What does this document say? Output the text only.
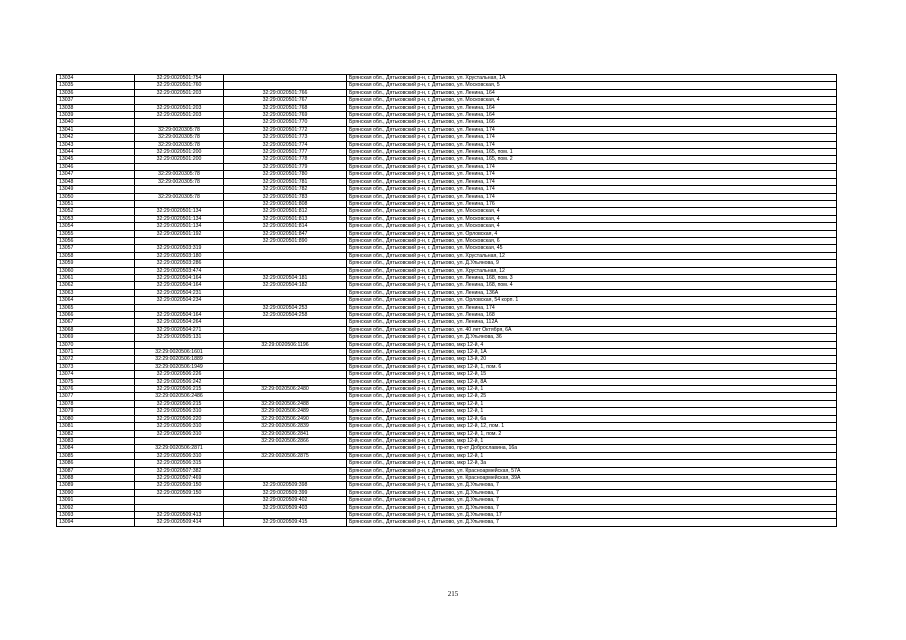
13034	32:29:0020501:754		Брянская обл., Дятьковский р-н, г. Дятьково, ул. Хрустальная, 1А
13035	32:29:0020501:760		Брянская обл., Дятьковский р-н, г. Дятьково, ул. Московская, 5
13036	32:29:0020501:203	32:29:0020501:766	Брянская обл., Дятьковский р-н, г. Дятьково, ул. Ленина, 164
13037		32:29:0020501:767	Брянская обл., Дятьковский р-н, г. Дятьково, ул. Московская, 4
13038	32:29:0020501:203	32:29:0020501:768	Брянская обл., Дятьковский р-н, г. Дятьково, ул. Ленина, 164
13039	32:29:0020501:203	32:29:0020501:769	Брянская обл., Дятьковский р-н, г. Дятьково, ул. Ленина, 164
13040		32:29:0020501:770	Брянская обл., Дятьковский р-н, г. Дятьково, ул. Ленина, 166
13041	32:29:0020305:78	32:29:0020501:772	Брянская обл., Дятьковский р-н, г. Дятьково, ул. Ленина, 174
13042	32:29:0020305:78	32:29:0020501:773	Брянская обл., Дятьковский р-н, г. Дятьково, ул. Ленина, 174
13043	32:29:0020305:78	32:29:0020501:774	Брянская обл., Дятьковский р-н, г. Дятьково, ул. Ленина, 174
13044	32:29:0020501:200	32:29:0020501:777	Брянская обл., Дятьковский р-н, г. Дятьково, ул. Ленина, 165, пом. 1
13045	32:29:0020501:200	32:29:0020501:778	Брянская обл., Дятьковский р-н, г. Дятьково, ул. Ленина, 165, пом. 2
13046		32:29:0020501:779	Брянская обл., Дятьковский р-н, г. Дятьково, ул. Ленина, 174
13047	32:29:0020305:78	32:29:0020501:780	Брянская обл., Дятьковский р-н, г. Дятьково, ул. Ленина, 174
13048	32:29:0020305:78	32:29:0020501:781	Брянская обл., Дятьковский р-н, г. Дятьково, ул. Ленина, 174
13049		32:29:0020501:782	Брянская обл., Дятьковский р-н, г. Дятьково, ул. Ленина, 174
13050	32:29:0020305:78	32:29:0020501:783	Брянская обл., Дятьковский р-н, г. Дятьково, ул. Ленина, 174
13051		32:29:0020501:808	Брянская обл., Дятьковский р-н, г. Дятьково, ул. Ленина, 176
13052	32:29:0020501:134	32:29:0020501:812	Брянская обл., Дятьковский р-н, г. Дятьково, ул. Московская, 4
13053	32:29:0020501:134	32:29:0020501:813	Брянская обл., Дятьковский р-н, г. Дятьково, ул. Московская, 4
13054	32:29:0020501:134	32:29:0020501:814	Брянская обл., Дятьковский р-н, г. Дятьково, ул. Московская, 4
13055	32:29:0020501:192	32:29:0020501:847	Брянская обл., Дятьковский р-н, г. Дятьково, ул. Орловская, 4
13056		32:29:0020501:890	Брянская обл., Дятьковский р-н, г. Дятьково, ул. Московская, 6
13057	32:29:0020503:319		Брянская обл., Дятьковский р-н, г. Дятьково, ул. Московская, 45
13058	32:29:0020503:180		Брянская обл., Дятьковский р-н, г. Дятьково, ул. Хрустальная, 12
13059	32:29:0020503:286		Брянская обл., Дятьковский р-н, г. Дятьково, ул. Д.Ульянова, 9
13060	32:29:0020503:474		Брянская обл., Дятьковский р-н, г. Дятьково, ул. Хрустальная, 12
13061	32:29:0020504:164	32:29:0020504:181	Брянская обл., Дятьковский р-н, г. Дятьково, ул. Ленина, 168, пом. 3
13062	32:29:0020504:164	32:29:0020504:182	Брянская обл., Дятьковский р-н, г. Дятьково, ул. Ленина, 168, пом. 4
13063	32:29:0020504:231		Брянская обл., Дятьковский р-н, г. Дятьково, ул. Ленина, 136А
13064	32:29:0020504:234		Брянская обл., Дятьковский р-н, г. Дятьково, ул. Орловская, 54 корп. 1
13065		32:29:0020504:253	Брянская обл., Дятьковский р-н, г. Дятьково, ул. Ленина, 174
13066	32:29:0020504:164	32:29:0020504:258	Брянская обл., Дятьковский р-н, г. Дятьково, ул. Ленина, 168
13067	32:29:0020504:264		Брянская обл., Дятьковский р-н, г. Дятьково, ул. Ленина, 112А
13068	32:29:0020504:271		Брянская обл., Дятьковский р-н, г. Дятьково, ул. 40 лет Октября, 6А
13069	32:29:0020505:131		Брянская обл., Дятьковский р-н, г. Дятьково, ул. Д.Ульянова, 36
13070		32:29:0020506:1196	Брянская обл., Дятьковский р-н, г. Дятьково, мкр 12-й, 4
13071	32:29:0020506:1601		Брянская обл., Дятьковский р-н, г. Дятьково, мкр 12-й, 1А
13072	32:29:0020506:1889		Брянская обл., Дятьковский р-н, г. Дятьково, мкр 13-й, 20
13073	32:29:0020506:1949		Брянская обл., Дятьковский р-н, г. Дятьково, мкр 12-й, 1, пом. 6
13074	32:29:0020506:226		Брянская обл., Дятьковский р-н, г. Дятьково, мкр 12-й, 15
13075	32:29:0020506:242		Брянская обл., Дятьковский р-н, г. Дятьково, мкр 12-й, 8А
13076	32:29:0020506:215	32:29:0020506:2480	Брянская обл., Дятьковский р-н, г. Дятьково, мкр 12-й, 1
13077	32:29:0020506:2486		Брянская обл., Дятьковский р-н, г. Дятьково, мкр 12-й, 25
13078	32:29:0020506:215	32:29:0020506:2488	Брянская обл., Дятьковский р-н, г. Дятьково, мкр 12-й, 1
13079	32:29:0020506:310	32:29:0020506:2489	Брянская обл., Дятьковский р-н, г. Дятьково, мкр 12-й, 1
13080	32:29:0020506:220	32:29:0020506:2490	Брянская обл., Дятьковский р-н, г. Дятьково, мкр 12-й, 6а
13081	32:29:0020506:310	32:29:0020506:2839	Брянская обл., Дятьковский р-н, г. Дятьково, мкр 12-й, 12, пом. 1
13082	32:29:0020506:310	32:29:0020506:2841	Брянская обл., Дятьковский р-н, г. Дятьково, мкр 12-й, 1, пом. 2
13083		32:29:0020506:2866	Брянская обл., Дятьковский р-н, г. Дятьково, мкр 12-й, 1
13084	32:29:0020506:2871		Брянская обл., Дятьковский р-н, г. Дятьково, пр-кт Доброславина, 16а
13085	32:29:0020506:310	32:29:0020506:2875	Брянская обл., Дятьковский р-н, г. Дятьково, мкр 12-й, 1
13086	32:29:0020506:315		Брянская обл., Дятьковский р-н, г. Дятьково, мкр 12-й, 3а
13087	32:29:0020507:382		Брянская обл., Дятьковский р-н, г. Дятьково, ул. Красноармейская, 57А
13088	32:29:0020507:469		Брянская обл., Дятьковский р-н, г. Дятьково, ул. Красноармейская, 39А
13089	32:29:0020509:150	32:29:0020509:398	Брянская обл., Дятьковский р-н, г. Дятьково, ул. Д.Ульянова, 7
13090	32:29:0020509:150	32:29:0020509:399	Брянская обл., Дятьковский р-н, г. Дятьково, ул. Д.Ульянова, 7
13091		32:29:0020509:402	Брянская обл., Дятьковский р-н, г. Дятьково, ул. Д.Ульянова, 7
13092		32:29:0020509:403	Брянская обл., Дятьковский р-н, г. Дятьково, ул. Д.Ульянова, 7
13093	32:29:0020509:413		Брянская обл., Дятьковский р-н, г. Дятьково, ул. Д.Ульянова, 17
13094	32:29:0020509:414	32:29:0020509:415	Брянская обл., Дятьковский р-н, г. Дятьково, ул. Д.Ульянова, 7
215
